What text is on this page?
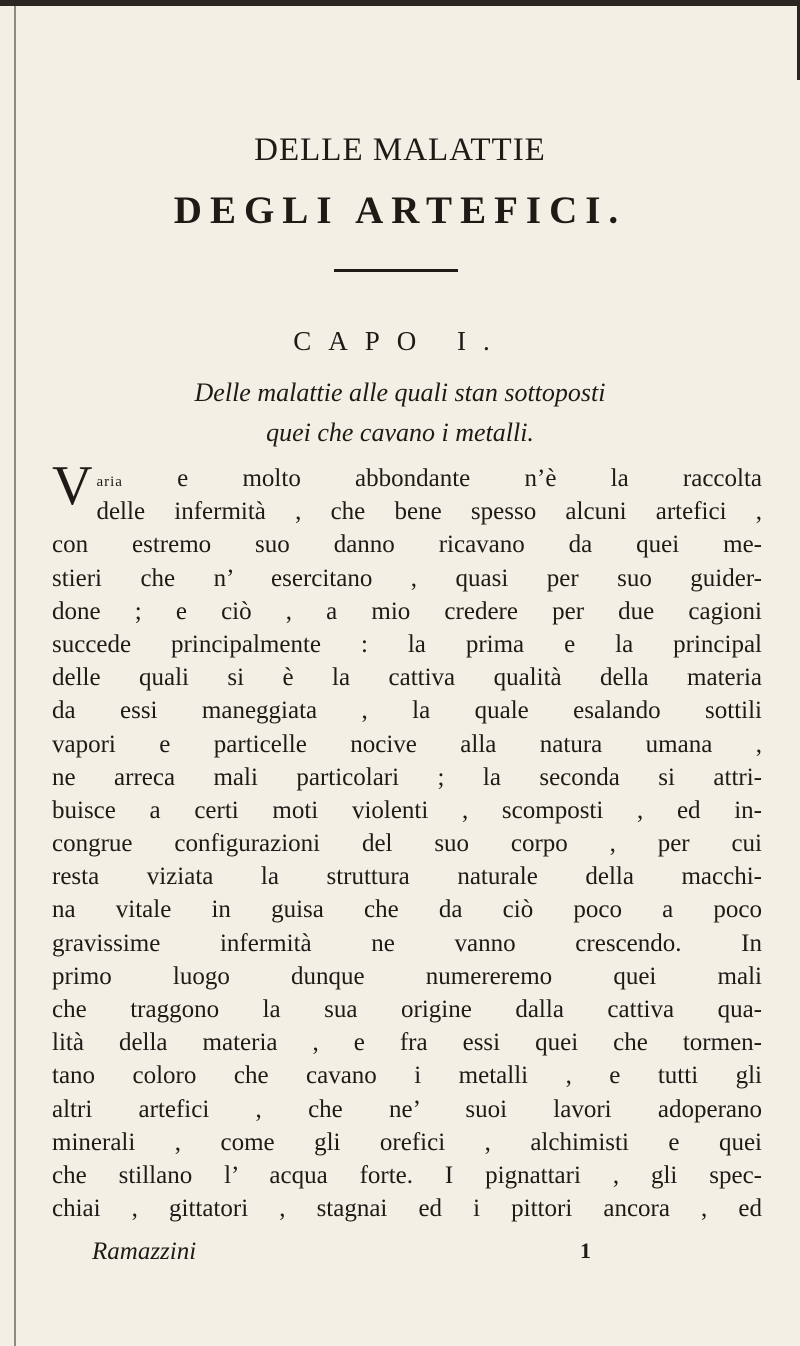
DELLE MALATTIE
DEGLI ARTEFICI.
CAPO I.
Delle malattie alle quali stan sottoposti
quei che cavano i metalli.
V aria e molto abbondante n’è la raccolta
delle infermità , che bene spesso alcuni artefici ,
con estremo suo danno ricavano da quei me-
stieri che n’ esercitano , quasi per suo guider-
done ; e ciò , a mio credere per due cagioni
succede principalmente : la prima e la principal
delle quali si è la cattiva qualità della materia
da essi maneggiata , la quale esalando sottili
vapori e particelle nocive alla natura umana ,
ne arreca mali particolari ; la seconda si attri-
buisce a certi moti violenti , scomposti , ed in-
congrue configurazioni del suo corpo , per cui
resta viziata la struttura naturale della macchi-
na vitale in guisa che da ciò poco a poco
gravissime infermità ne vanno crescendo. In
primo luogo dunque numereremo quei mali
che traggono la sua origine dalla cattiva qua-
lità della materia , e fra essi quei che tormen-
tano coloro che cavano i metalli , e tutti gli
altri artefici , che ne’ suoi lavori adoperano
minerali , come gli orefici , alchimisti e quei
che stillano l’ acqua forte. I pignattari , gli spec-
chiai , gittatori , stagnai ed i pittori ancora , ed
Ramazzini	1
